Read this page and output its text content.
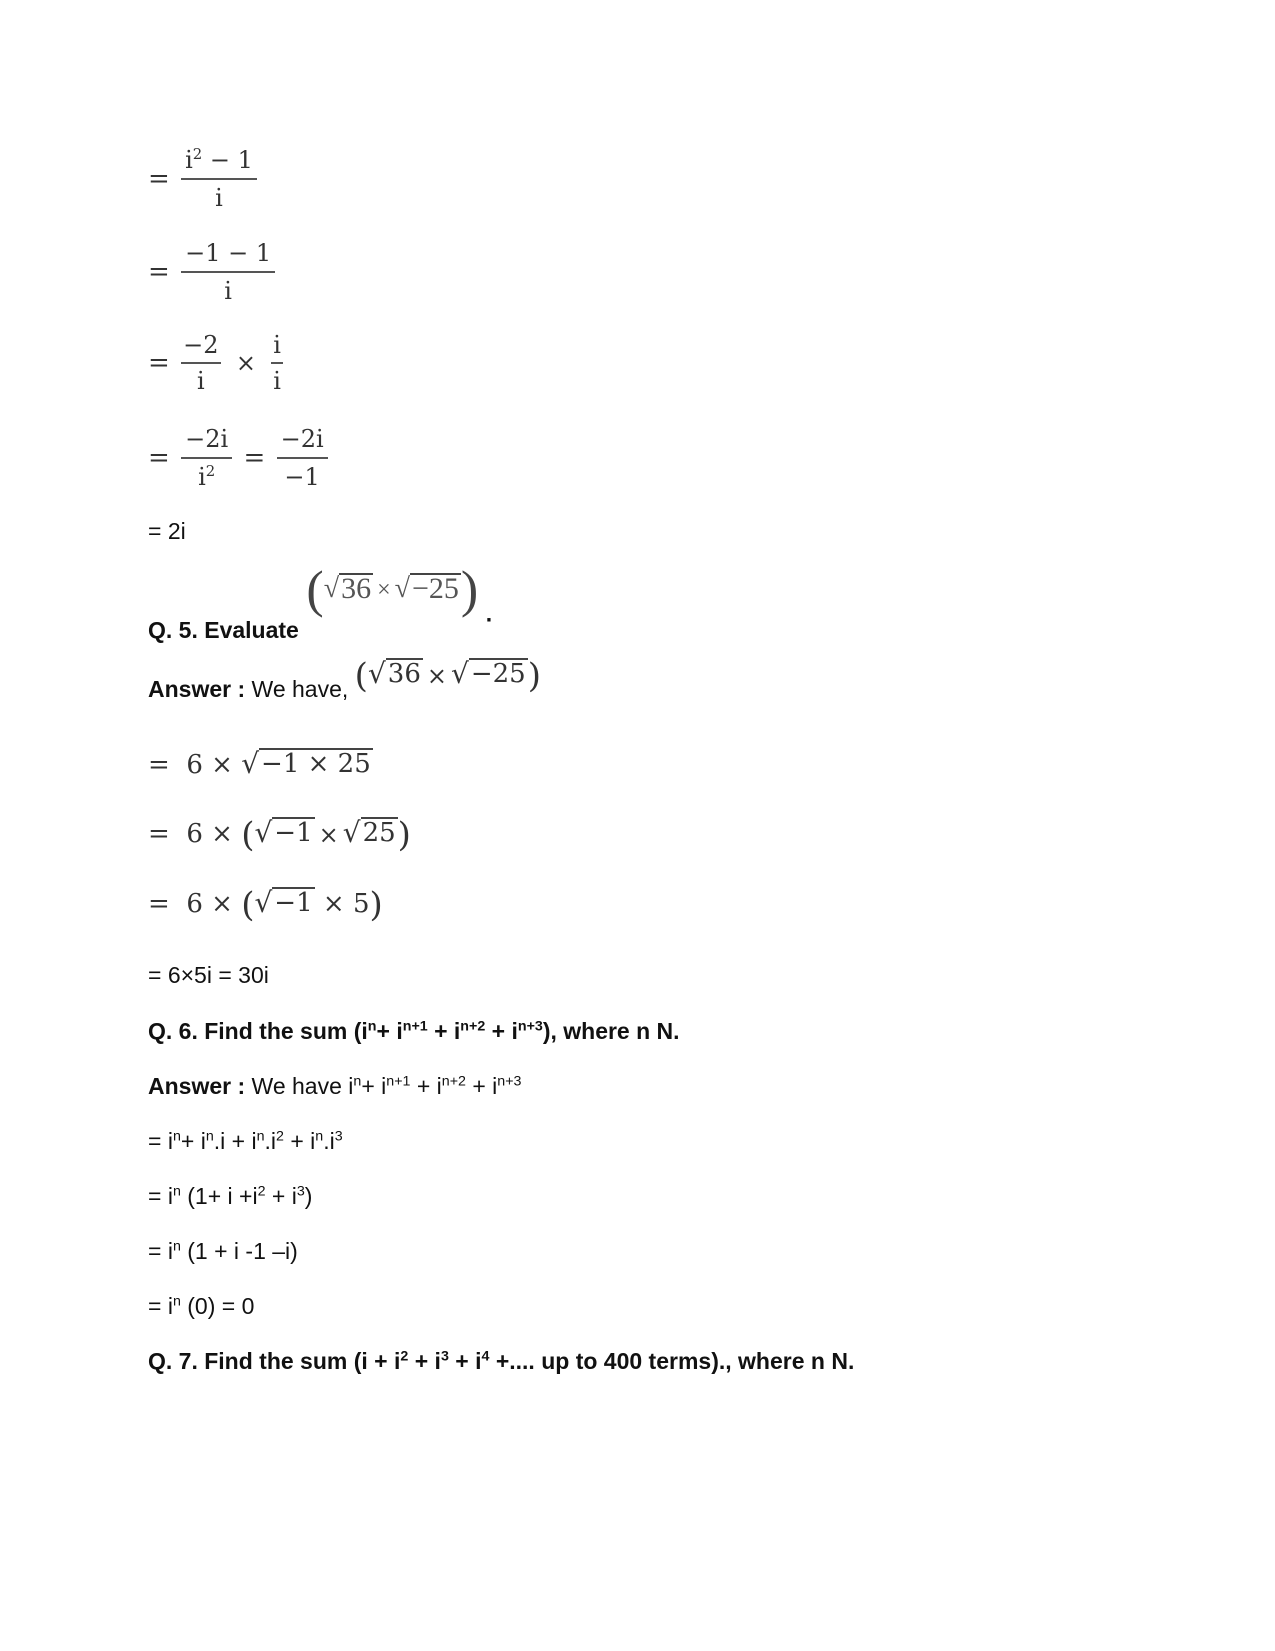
= $\frac{i^2 - 1}{i}$
= $\frac{-1 - 1}{i}$
= $\frac{-2}{i} \times \frac{i}{i}$
= $\frac{-2i}{i^2} = \frac{-2i}{-1}$
= 2i
Q. 5. Evaluate ( √ 36 × √ −25 ) .
Answer : We have, ( √ 36 × √ −25 )
= 6 × √ −1 × 25
= 6 × ( √ −1 × √ 25 )
= 6 × ( √ −1 × 5)
= 6×5i = 30i
Q. 6. Find the sum $(i^n+ i^{n+1} + i^{n+2} + i^{n+3})$, where n N.
Answer : We have $i^n+ i^{n+1} + i^{n+2} + i^{n+3}$
= $i^n+ i^n.i + i^n.i^2 + i^n.i^3$
= $i^n$ $(1+ i +i^2 + i^3)$
= $i^n$ (1 + i -1 –i)
= $i^n$ (0) = 0
Q. 7. Find the sum ($i + i^2 + i^3 + i^4$ +.... up to 400 terms)., where n N.
